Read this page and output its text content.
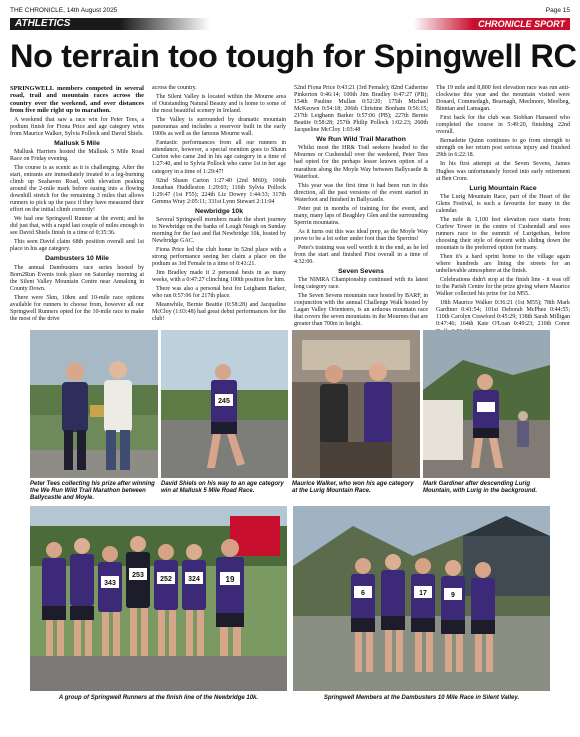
THE CHRONICLE, 14th August 2025	Page 15
ATHLETICS	CHRONICLE SPORT
No terrain too tough for Spingwell RC

SPRINGWELL members competed in several road, trail and mountain races across the country over the weekend, and over distances from five mile right up to marathon.

A weekend that saw a race win for Peter Tees, a podium finish for Fiona Price and age category wins from Maurice Walker, Sylvia Pollock and David Shiels.

Mallusk 5 Mile

Mallusk Harriers hosted the Mallusk 5 Mile Road Race on Friday evening.

The course is as scenic as it is challenging. After the start, entrants are immediately treated to a leg-burning climb up Seahaven Road, with elevation peaking around the 2-mile mark before easing into a flowing downhill stretch for the remaining 3 miles that allows runners to pick up the pace if they have measured their effort on the initial climb correctly!

We had one Springwell Runner at the event; and he did just that, with a rapid last couple of miles enough to see David Shiels finish in a time of 0:35:36.

This seen David claim 68th position overall and 1st place in his age category.

Dambusters 10 Mile

The annual Dambusters race series hosted by Born2Run Events took place on Saturday morning at the Silent Valley Mountain Centre near Annalong in County Down.

There were 5km, 10km and 10-mile race options available for runners to choose from, however all our Springwell Runners opted for the 10-mile race to make the most of the drive

across the country.

The Silent Valley is located within the Mourne area of Outstanding Natural Beauty and is home to some of the most beautiful scenery in Ireland.

The Valley is surrounded by dramatic mountain panoramas and includes a reservoir built in the early 1900s as well as the famous Mourne wall.

Fantastic performances from all our runners in attendance, however, a special mention goes to Shaun Carton who came 2nd in his age category in a time of 1:27:40, and to Sylvia Pollock who came 1st in her age category in a time of 1:29:47!

92nd Shaun Carton 1:27:40 (2nd M60); 106th Jonathan Huddleston 1:29:03; 116th Sylvia Pollock 1:29:47 (1st F55); 224th Liz Dowey 1:44:33; 317th Gemma Wray 2:05:11; 331st Lynn Stewart 2:11:04

Newbridge 10k

Several Springwell members made the short journey to Newbridge on the banks of Lough Neagh on Sunday morning for the fast and flat Newbridge 10k, hosted by Newbridge GAC.

Fiona Price led the club home in 52nd place with a strong performance seeing her claim a place on the podium as 3rd Female in a time of 0:43:21.

Jim Bradley made it 2 personal bests in as many weeks, with a 0:47:27 clinching 100th position for him.

There was also a personal best for Leighann Barker, who ran 0:57:06 for 217th place.

Meanwhile, Bernie Beattie (0:58:28) and Jacqueline McCloy (1:03:48) had great debut performances for the club!

52nd Fiona Price 0:43:21 (3rd Female); 82nd Catherine Pinkerton 0:46:14; 100th Jim Bradley 0:47:27 (PB); 154th Pauline Mullan 0:52:20; 175th Michael McKeown 0:54:18; 206th Christine Bonham 0:56:15; 217th Leighann Barker 0:57:06 (PB); 227th Bernie Beattie 0:58:28; 257th Philip Pollock 1:02:23; 260th Jacqueline McCloy 1:03:48

We Run Wild Trail Marathon

Whilst most the HR& Trail seekers headed to the Mournes or Cushendall over the weekend, Peter Tees had opted for the perhaps lesser known option of a marathon along the Moyle Way between Ballycastle & Waterfoot.

This year was the first time it had been run in this direction, all the past versions of the event started in Waterfoot and finished in Ballycastle.

Peter put in months of training for the event, and many, many laps of Beaghley Glen and the surrounding Sperrin mountains.

As it turns out this was ideal prep, as the Moyle Way prove to be a lot softer under foot than the Sperrins!

Peter's training was well worth it in the end, as he led from the start and finished First overall in a time of 4:32:00.

Seven Sevens

The NIMRA Championship continued with its latest long category race.

The Seven Sevens mountain race hosted by BARF, in conjunction with the annual Challenge Walk hosted by Lagan Valley Orienteers, is an arduous mountain race that covers the seven mountains in the Mournes that are greater than 700m in height.

The 19 mile and 8,800 feet elevation race was run anti-clockwise this year and the mountain visited were Donard, Commedagh, Bearnagh, Meelmore, Meelbeg, Binnian and Lamagan.

First back for the club was Siobhan Hanaeed who completed the course in 5:49:20, finishing 22nd overall.

Bernadette Quinn continues to go from strength to strength on her return post serious injury and finished 29th in 6:22:18.

In his first attempt at the Seven Sevens, James Hughes was unfortunately forced into early retirement at Ben Crom.

Lurig Mountain Race

The Lurig Mountain Race, part of the Heart of the Glens Festival, is such a favourite for many in the calendar.

The mile & 1,100 feet elevation race starts from Curfew Tower in the centre of Cushendall and sees runners race to the summit of Lurigethan, before choosing their style of descent with sliding down the mountain is the preferred option for many.

Then it's a hard sprint home to the village again where hundreds are lining the streets for an unbelievable atmosphere at the finish.

Celebrations didn't stop at the finish line - it was off to the Parish Centre for the prize giving where Maurice Walker collected his prize for 1st M55.

18th Maurice Walker 0:36:21 (1st M55); 78th Mark Gardiner 0:41:54; 101st Deborah McPhee 0:44:55; 110th Carolyn Crawford 0:45:29; 138th Sarah Milligan 0:47:46; 164th Kate O'Loan 0:49:23; 210th Conor

245
Peter Tees collecting his prize after winning the We Run Wild Trail Marathon between Ballycastle and Moyle.
David Shiels on his way to an age category win at Mallusk 5 Mile Road Race.
Maurice Walker, who won his age category at the Lurig Mountain Race.
Mark Gardiner after descending Lurig Mountain, with Lurig in the background.
343
253
252 324	19
6	17	9
A group of Springwell Runners at the finish line of the Newbridge 10k.	Springwell Members at the Dambusters 10 Mile Race in Silent Valley.
